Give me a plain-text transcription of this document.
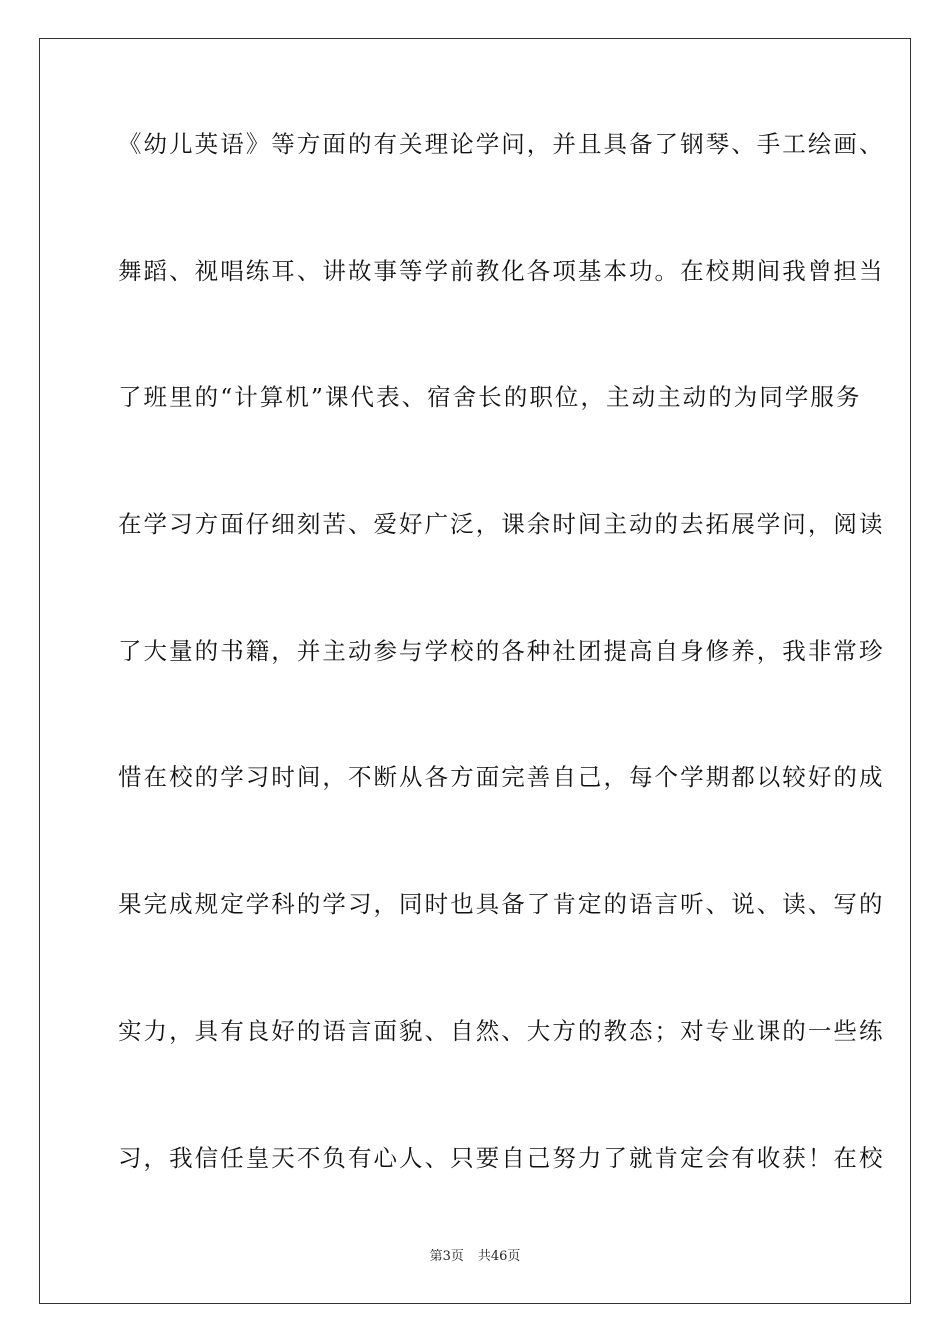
《幼儿英语》等方面的有关理论学问，并且具备了钢琴、手工绘画、
舞蹈、视唱练耳、讲故事等学前教化各项基本功。在校期间我曾担当
了班里的“计算机”课代表、宿舍长的职位，主动主动的为同学服务
在学习方面仔细刻苦、爱好广泛，课余时间主动的去拓展学问，阅读
了大量的书籍，并主动参与学校的各种社团提高自身修养，我非常珍
惜在校的学习时间，不断从各方面完善自己，每个学期都以较好的成
果完成规定学科的学习，同时也具备了肯定的语言听、说、读、写的
实力，具有良好的语言面貌、自然、大方的教态；对专业课的一些练
习，我信任皇天不负有心人、只要自己努力了就肯定会有收获！在校
第3页 共46页
